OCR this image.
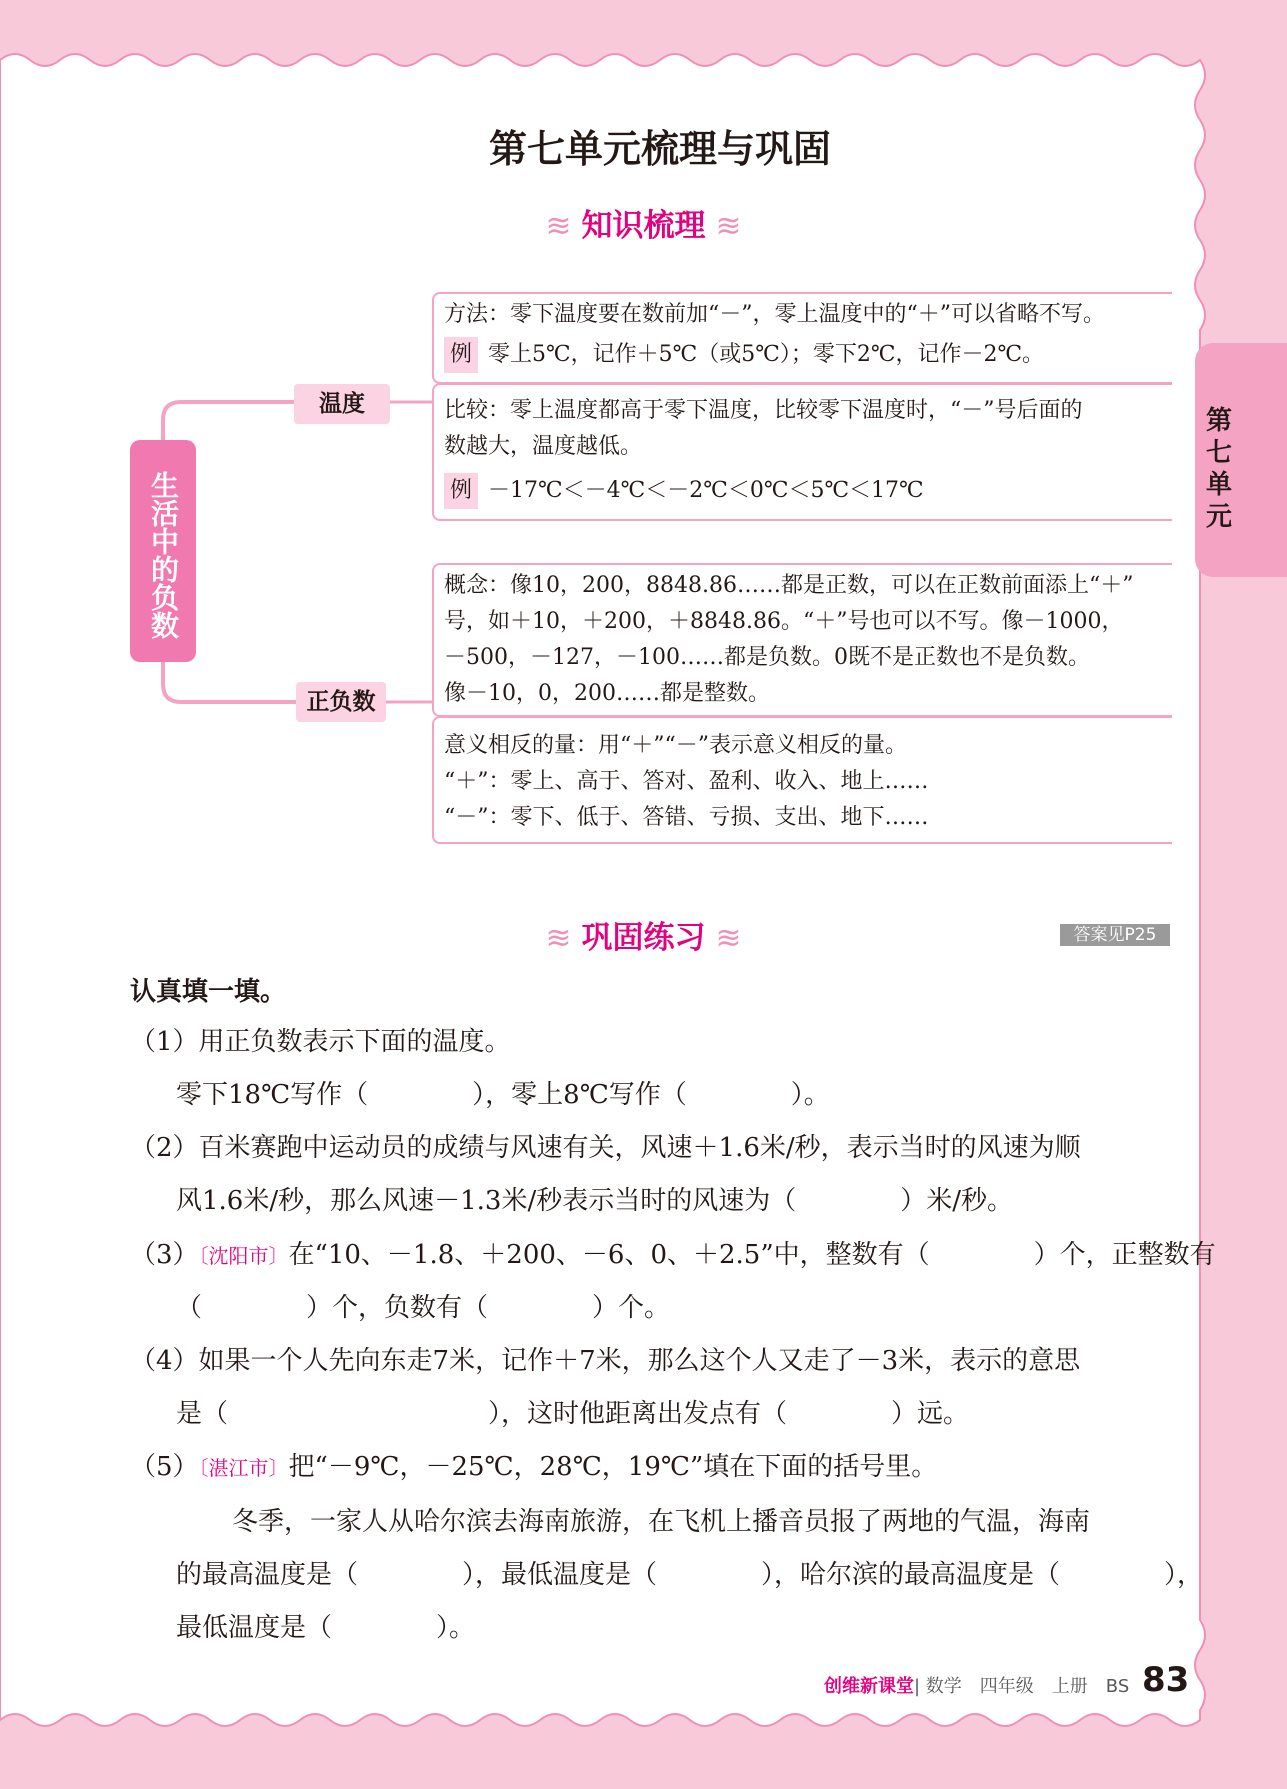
第七单元
第七单元梳理与巩固
≋ 知识梳理 ≋
生活中的负数
温度
正负数
方法：零下温度要在数前加“－”，零上温度中的“＋”可以省略不写。
例 零上5℃，记作＋5℃（或5℃）；零下2℃，记作－2℃。
比较：零上温度都高于零下温度，比较零下温度时，“－”号后面的
数越大，温度越低。
例 －17℃＜－4℃＜－2℃＜0℃＜5℃＜17℃
概念：像10，200，8848.86……都是正数，可以在正数前面添上“＋”
号，如＋10，＋200，＋8848.86。“＋”号也可以不写。像－1000，
－500，－127，－100……都是负数。0既不是正数也不是负数。
像－10，0，200……都是整数。
意义相反的量：用“＋”“－”表示意义相反的量。
“＋”：零上、高于、答对、盈利、收入、地上……
“－”：零下、低于、答错、亏损、支出、地下……
≋ 巩固练习 ≋	答案见P25
认真填一填。
（1）用正负数表示下面的温度。
零下18℃写作（　　　　），零上8℃写作（　　　　）。
（2）百米赛跑中运动员的成绩与风速有关，风速＋1.6米/秒，表示当时的风速为顺
风1.6米/秒，那么风速－1.3米/秒表示当时的风速为（　　　　）米/秒。
（3）〔沈阳市〕在“10、－1.8、＋200、－6、0、＋2.5”中，整数有（　　　　）个，正整数有
（　　　　）个，负数有（　　　　）个。
（4）如果一个人先向东走7米，记作＋7米，那么这个人又走了－3米，表示的意思
是（　　　　　　　　　　），这时他距离出发点有（　　　　）远。
（5）〔湛江市〕把“－9℃，－25℃，28℃，19℃”填在下面的括号里。
冬季，一家人从哈尔滨去海南旅游，在飞机上播音员报了两地的气温，海南
的最高温度是（　　　　），最低温度是（　　　　），哈尔滨的最高温度是（　　　　），
最低温度是（　　　　）。
创维新课堂| 数学　四年级　上册　BS 83
